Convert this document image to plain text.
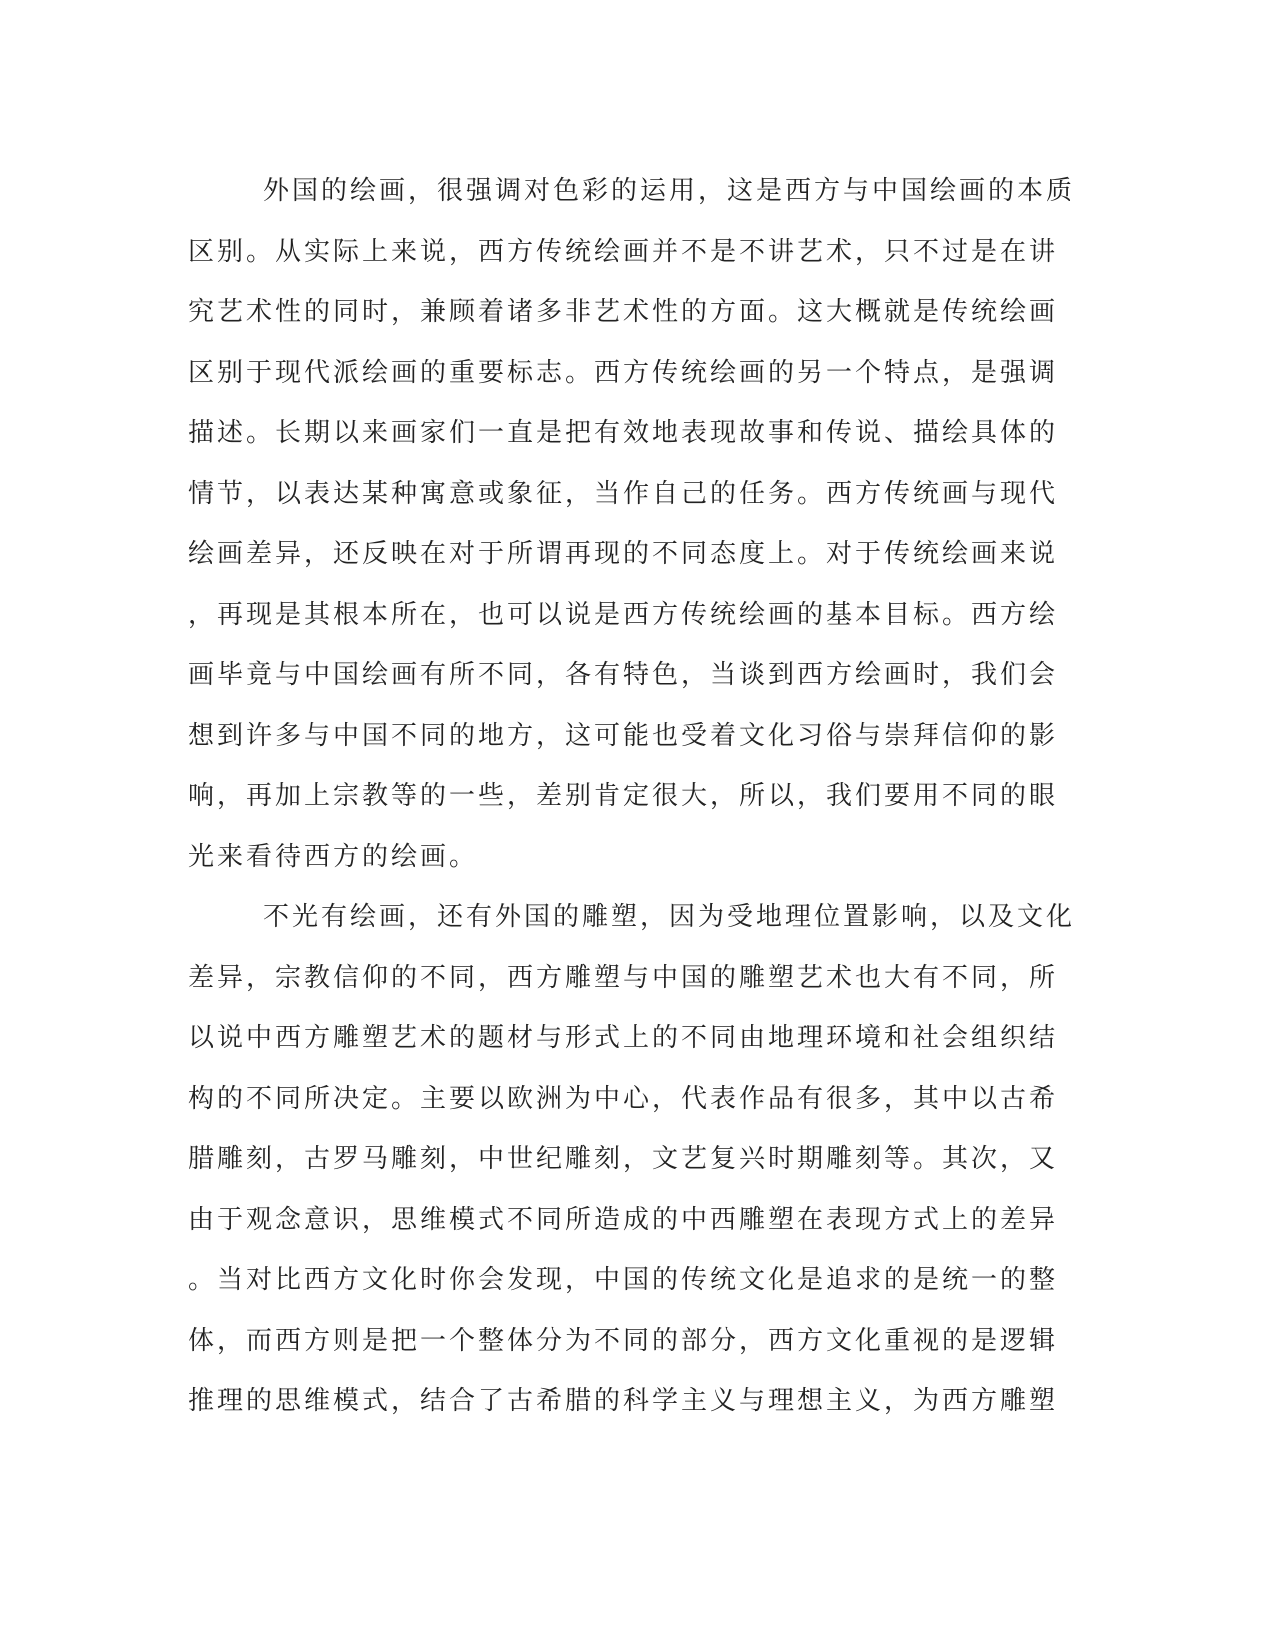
外国的绘画，很强调对色彩的运用，这是西方与中国绘画的本质
区别。从实际上来说，西方传统绘画并不是不讲艺术，只不过是在讲
究艺术性的同时，兼顾着诸多非艺术性的方面。这大概就是传统绘画
区别于现代派绘画的重要标志。西方传统绘画的另一个特点，是强调
描述。长期以来画家们一直是把有效地表现故事和传说、描绘具体的
情节，以表达某种寓意或象征，当作自己的任务。西方传统画与现代
绘画差异，还反映在对于所谓再现的不同态度上。对于传统绘画来说
，再现是其根本所在，也可以说是西方传统绘画的基本目标。西方绘
画毕竟与中国绘画有所不同，各有特色，当谈到西方绘画时，我们会
想到许多与中国不同的地方，这可能也受着文化习俗与崇拜信仰的影
响，再加上宗教等的一些，差别肯定很大，所以，我们要用不同的眼
光来看待西方的绘画。
不光有绘画，还有外国的雕塑，因为受地理位置影响，以及文化
差异，宗教信仰的不同，西方雕塑与中国的雕塑艺术也大有不同，所
以说中西方雕塑艺术的题材与形式上的不同由地理环境和社会组织结
构的不同所决定。主要以欧洲为中心，代表作品有很多，其中以古希
腊雕刻，古罗马雕刻，中世纪雕刻，文艺复兴时期雕刻等。其次，又
由于观念意识，思维模式不同所造成的中西雕塑在表现方式上的差异
。当对比西方文化时你会发现，中国的传统文化是追求的是统一的整
体，而西方则是把一个整体分为不同的部分，西方文化重视的是逻辑
推理的思维模式，结合了古希腊的科学主义与理想主义，为西方雕塑
